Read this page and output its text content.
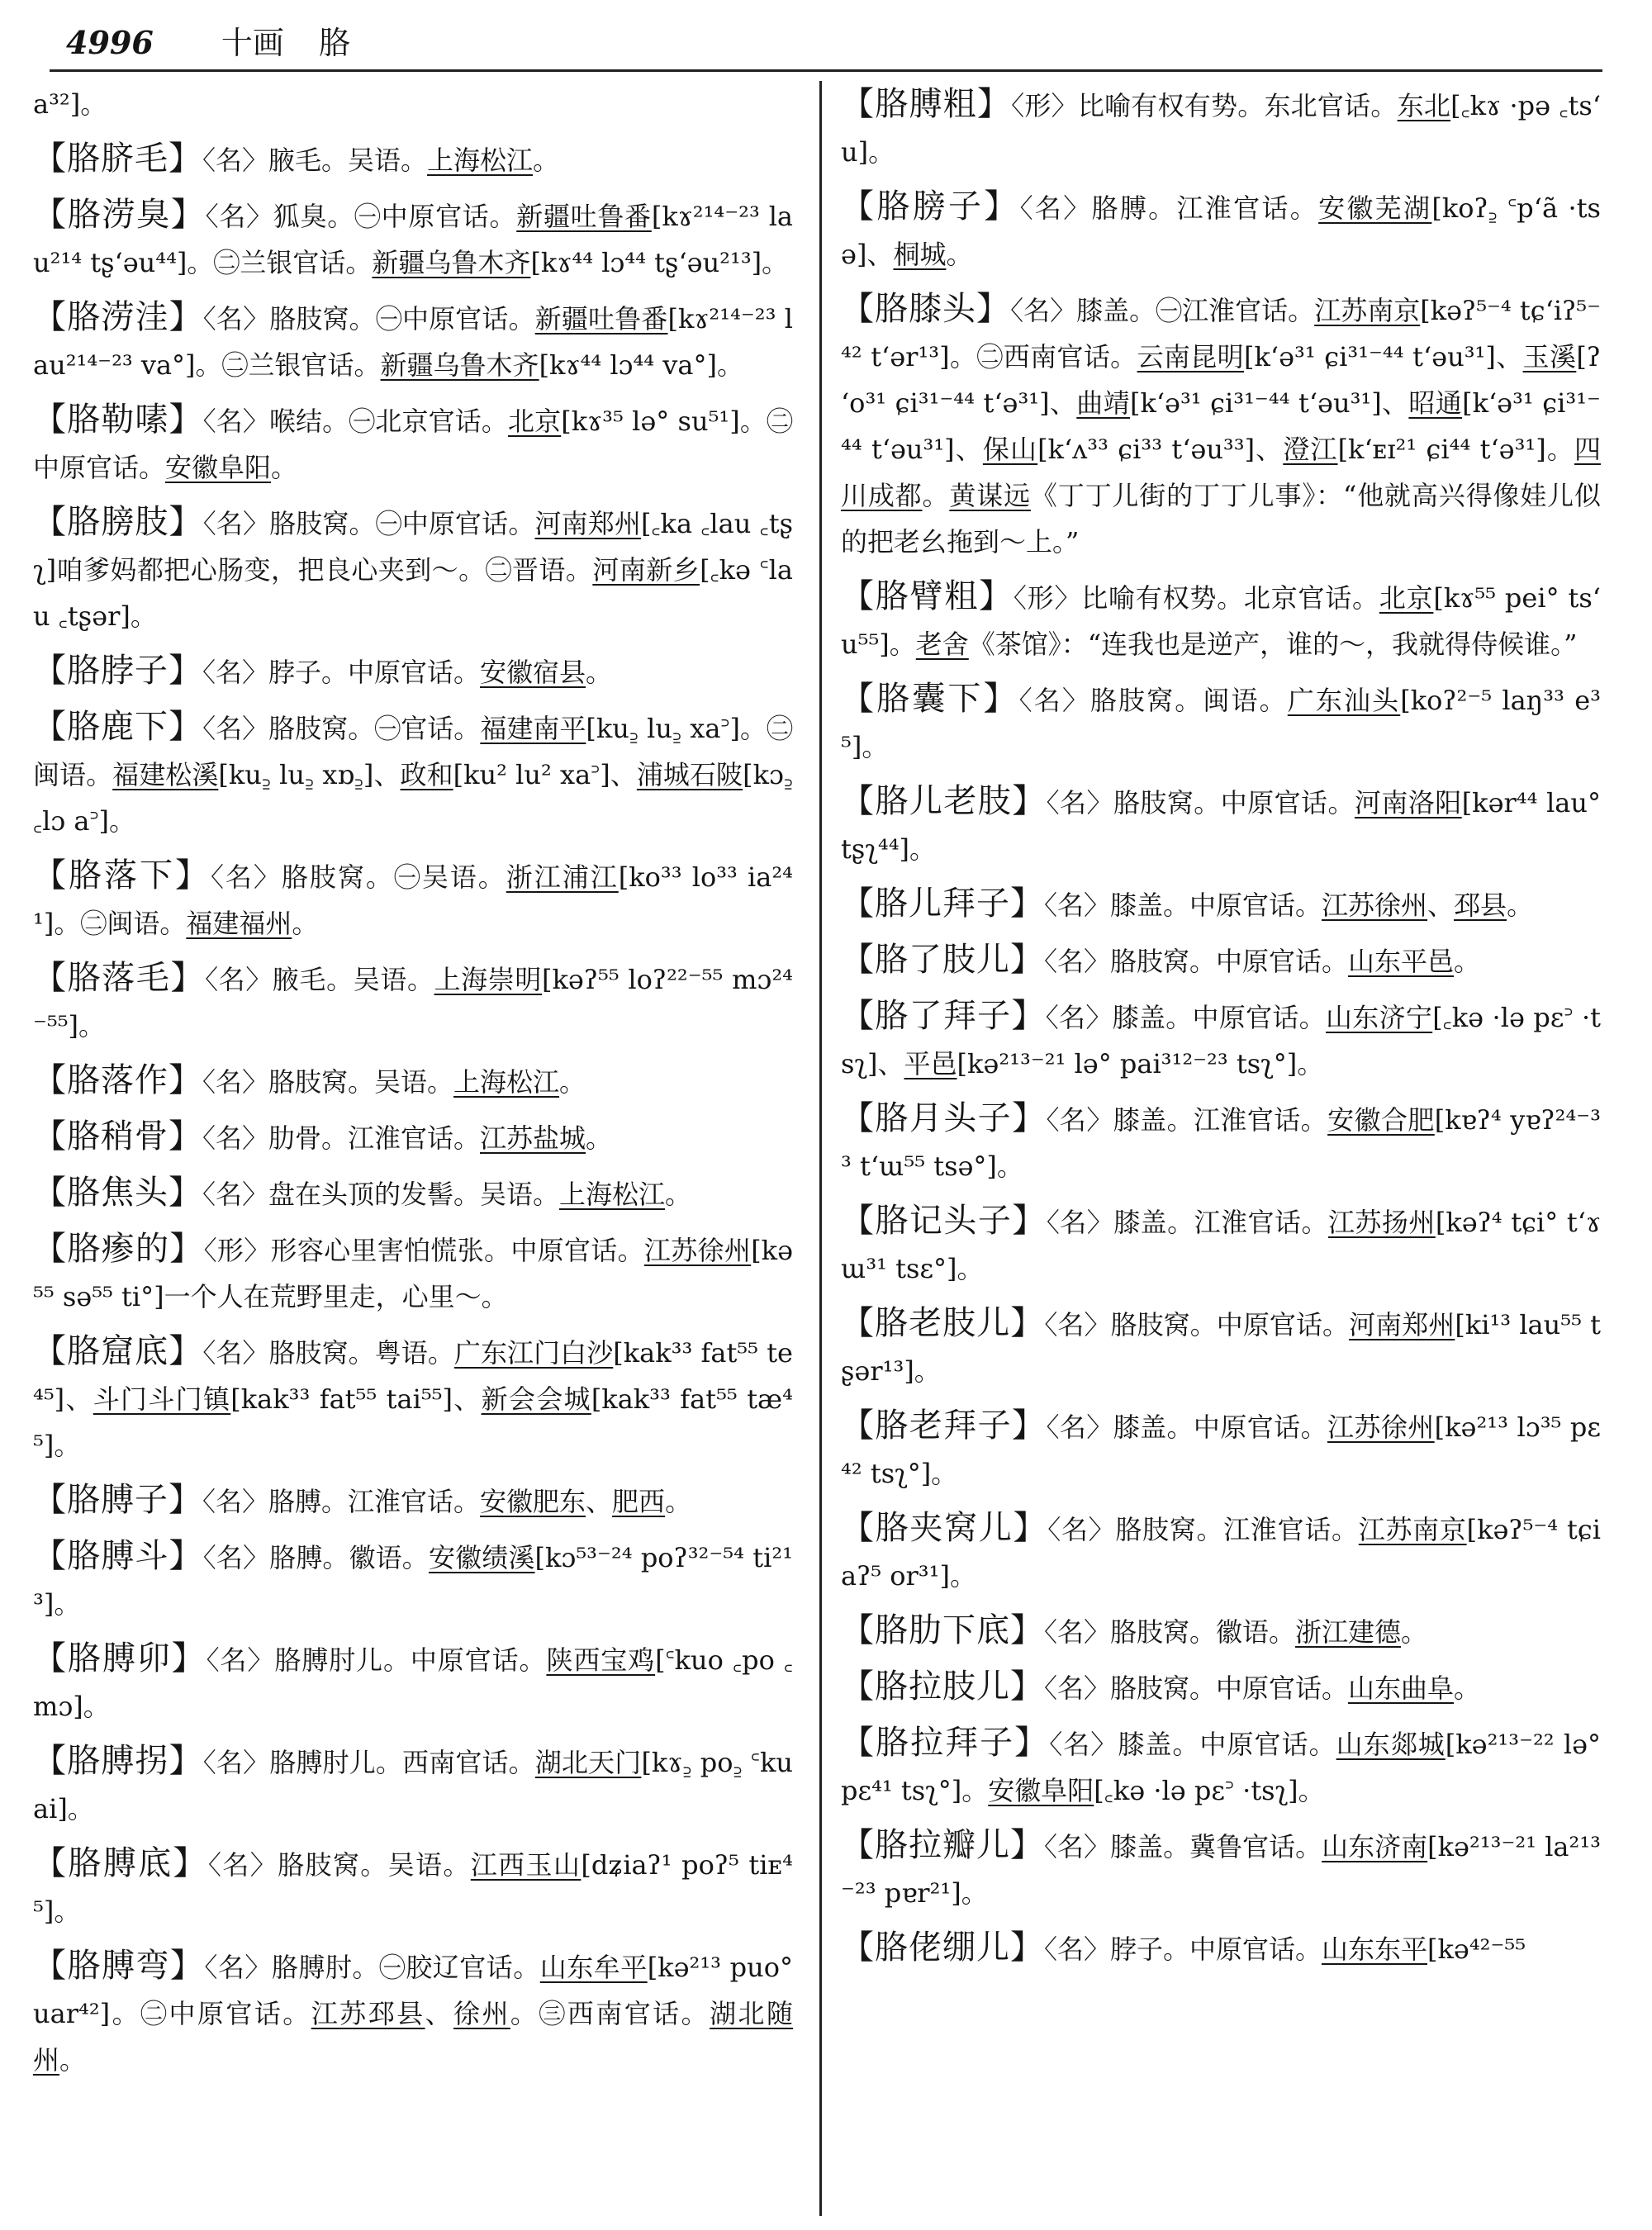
4996 十画 胳

a³²]。

【胳脐毛】〈名〉腋毛。吴语。上海松江。

【胳涝臭】〈名〉狐臭。㊀中原官话。新疆吐鲁番[kɤ²¹⁴⁻²³ lau²¹⁴ tʂʻəu⁴⁴]。㊁兰银官话。新疆乌鲁木齐[kɤ⁴⁴ lɔ⁴⁴ tʂʻəu²¹³]。

【胳涝洼】〈名〉胳肢窝。㊀中原官话。新疆吐鲁番[kɤ²¹⁴⁻²³ lau²¹⁴⁻²³ va°]。㊁兰银官话。新疆乌鲁木齐[kɤ⁴⁴ lɔ⁴⁴ va°]。

【胳勒嗉】〈名〉喉结。㊀北京官话。北京[kɤ³⁵ lə° su⁵¹]。㊁中原官话。安徽阜阳。

【胳膀肢】〈名〉胳肢窝。㊀中原官话。河南郑州[꜀ka ꜀lau ꜀tʂʅ]咱爹妈都把心肠变，把良心夹到～。㊁晋语。河南新乡[꜀kə ꜂lau ꜀tʂər]。

【胳脖子】〈名〉脖子。中原官话。安徽宿县。

【胳鹿下】〈名〉胳肢窝。㊀官话。福建南平[ku꜇ lu꜇ xa꜄]。㊁闽语。福建松溪[ku꜇ lu꜇ xɒ꜇]、政和[ku² lu² xa꜄]、浦城石陂[kɔ꜇ ꜀lɔ a꜄]。

【胳落下】〈名〉胳肢窝。㊀吴语。浙江浦江[ko³³ lo³³ ia²⁴¹]。㊁闽语。福建福州。

【胳落毛】〈名〉腋毛。吴语。上海崇明[kəʔ⁵⁵ loʔ²²⁻⁵⁵ mɔ²⁴⁻⁵⁵]。

【胳落作】〈名〉胳肢窝。吴语。上海松江。

【胳稍骨】〈名〉肋骨。江淮官话。江苏盐城。

【胳焦头】〈名〉盘在头顶的发髻。吴语。上海松江。

【胳瘆的】〈形〉形容心里害怕慌张。中原官话。江苏徐州[kə⁵⁵ sə⁵⁵ ti°]一个人在荒野里走，心里～。

【胳窟底】〈名〉胳肢窝。粤语。广东江门白沙[kak³³ fat⁵⁵ te⁴⁵]、斗门斗门镇[kak³³ fat⁵⁵ tai⁵⁵]、新会会城[kak³³ fat⁵⁵ tæ⁴⁵]。

【胳膊子】〈名〉胳膊。江淮官话。安徽肥东、肥西。

【胳膊斗】〈名〉胳膊。徽语。安徽绩溪[kɔ⁵³⁻²⁴ poʔ³²⁻⁵⁴ ti²¹³]。

【胳膊卯】〈名〉胳膊肘儿。中原官话。陕西宝鸡[꜂kuo ꜀po ꜀mɔ]。

【胳膊拐】〈名〉胳膊肘儿。西南官话。湖北天门[kɤ꜇ po꜇ ꜂kuai]。

【胳膊底】〈名〉胳肢窝。吴语。江西玉山[dʑiaʔ¹ poʔ⁵ tiᴇ⁴⁵]。

【胳膊弯】〈名〉胳膊肘。㊀胶辽官话。山东牟平[kə²¹³ puo° uar⁴²]。㊁中原官话。江苏邳县、徐州。㊂西南官话。湖北随州。

【胳膊粗】〈形〉比喻有权有势。东北官话。东北[꜀kɤ ·pə ꜀tsʻu]。

【胳膀子】〈名〉胳膊。江淮官话。安徽芜湖[koʔ꜇ ꜂pʻã ·tsə]、桐城。

【胳膝头】〈名〉膝盖。㊀江淮官话。江苏南京[kəʔ⁵⁻⁴ tɕʻiʔ⁵⁻⁴² tʻər¹³]。㊁西南官话。云南昆明[kʻə³¹ ɕi³¹⁻⁴⁴ tʻəu³¹]、玉溪[ʔʻo³¹ ɕi³¹⁻⁴⁴ tʻə³¹]、曲靖[kʻə³¹ ɕi³¹⁻⁴⁴ tʻəu³¹]、昭通[kʻə³¹ ɕi³¹⁻⁴⁴ tʻəu³¹]、保山[kʻʌ³³ ɕi³³ tʻəu³³]、澄江[kʻᴇɪ²¹ ɕi⁴⁴ tʻə³¹]。四川成都。黄谋远《丁丁儿街的丁丁儿事》：“他就高兴得像娃儿似的把老幺拖到～上。”

【胳臂粗】〈形〉比喻有权势。北京官话。北京[kɤ⁵⁵ pei° tsʻu⁵⁵]。老舍《茶馆》：“连我也是逆产，谁的～，我就得侍候谁。”

【胳囊下】〈名〉胳肢窝。闽语。广东汕头[koʔ²⁻⁵ laŋ³³ e³⁵]。

【胳儿老肢】〈名〉胳肢窝。中原官话。河南洛阳[kər⁴⁴ lau° tʂʅ⁴⁴]。

【胳儿拜子】〈名〉膝盖。中原官话。江苏徐州、邳县。

【胳了肢儿】〈名〉胳肢窝。中原官话。山东平邑。

【胳了拜子】〈名〉膝盖。中原官话。山东济宁[꜀kə ·lə pɛ꜄ ·tsʅ]、平邑[kə²¹³⁻²¹ lə° pai³¹²⁻²³ tsʅ°]。

【胳月头子】〈名〉膝盖。江淮官话。安徽合肥[kɐʔ⁴ yɐʔ²⁴⁻³³ tʻɯ⁵⁵ tsə°]。

【胳记头子】〈名〉膝盖。江淮官话。江苏扬州[kəʔ⁴ tɕi° tʻɤɯ³¹ tsɛ°]。

【胳老肢儿】〈名〉胳肢窝。中原官话。河南郑州[ki¹³ lau⁵⁵ tʂər¹³]。

【胳老拜子】〈名〉膝盖。中原官话。江苏徐州[kə²¹³ lɔ³⁵ pɛ⁴² tsʅ°]。

【胳夹窝儿】〈名〉胳肢窝。江淮官话。江苏南京[kəʔ⁵⁻⁴ tɕiaʔ⁵ or³¹]。

【胳肋下底】〈名〉胳肢窝。徽语。浙江建德。

【胳拉肢儿】〈名〉胳肢窝。中原官话。山东曲阜。

【胳拉拜子】〈名〉膝盖。中原官话。山东郯城[kə²¹³⁻²² lə° pɛ⁴¹ tsʅ°]。安徽阜阳[꜀kə ·lə pɛ꜄ ·tsʅ]。

【胳拉瓣儿】〈名〉膝盖。冀鲁官话。山东济南[kə²¹³⁻²¹ la²¹³⁻²³ pɐr²¹]。

【胳佬绷儿】〈名〉脖子。中原官话。山东东平[kə⁴²⁻⁵⁵
